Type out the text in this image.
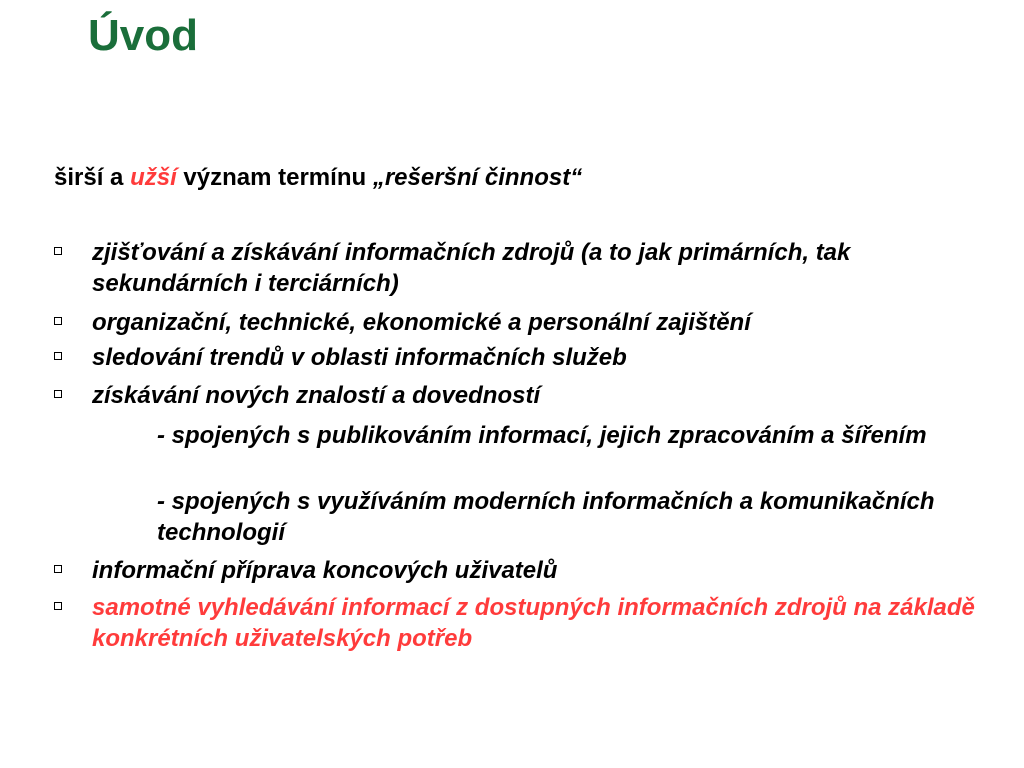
Úvod
širší a užší význam termínu „rešeršní činnost“
zjišťování a získávání informačních zdrojů (a to jak primárních, tak sekundárních i terciárních)
organizační, technické, ekonomické a personální zajištění
sledování trendů v oblasti informačních služeb
získávání nových znalostí a dovedností
- spojených s publikováním informací, jejich zpracováním a šířením
- spojených s využíváním moderních informačních a komunikačních technologií
informační příprava koncových uživatelů
samotné vyhledávání informací z dostupných informačních zdrojů na základě konkrétních uživatelských potřeb
